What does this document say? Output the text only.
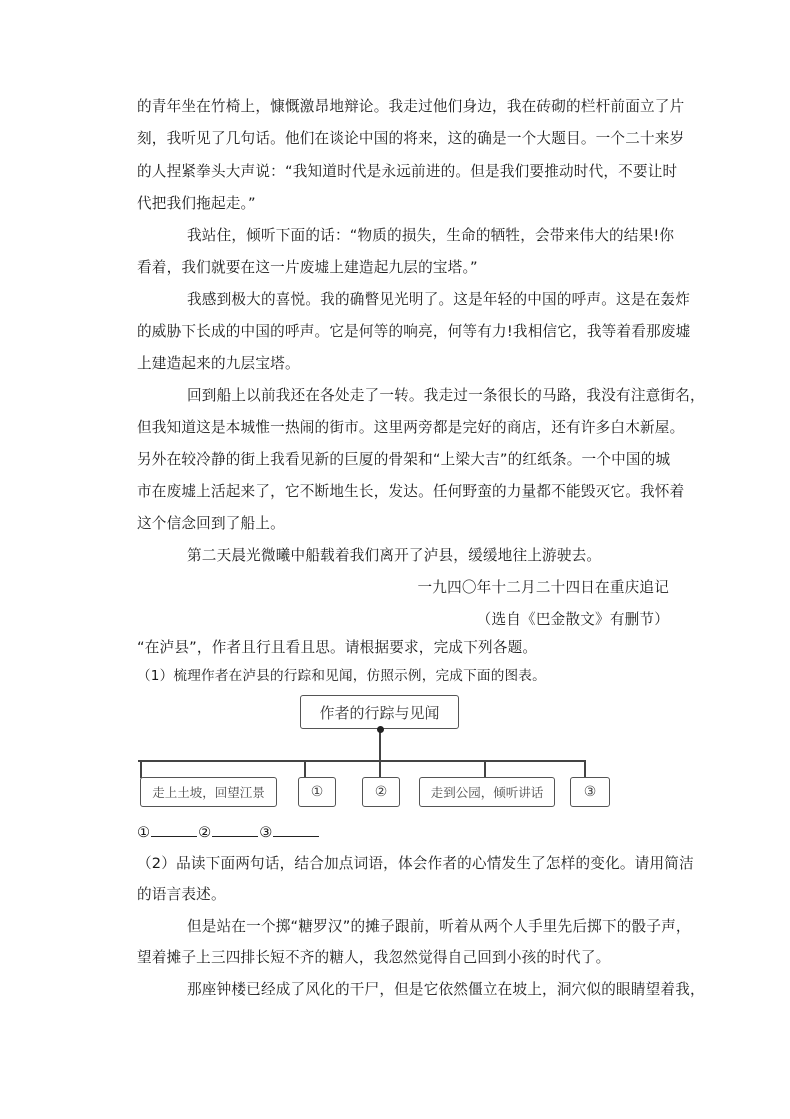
的青年坐在竹椅上，慷慨激昂地辩论。我走过他们身边，我在砖砌的栏杆前面立了片
刻，我听见了几句话。他们在谈论中国的将来，这的确是一个大题目。一个二十来岁
的人捏紧拳头大声说：“我知道时代是永远前进的。但是我们要推动时代，不要让时
代把我们拖起走。”
我站住，倾听下面的话：“物质的损失，生命的牺牲，会带来伟大的结果!你
看着，我们就要在这一片废墟上建造起九层的宝塔。”
我感到极大的喜悦。我的确瞥见光明了。这是年轻的中国的呼声。这是在轰炸
的威胁下长成的中国的呼声。它是何等的响亮，何等有力!我相信它，我等着看那废墟
上建造起来的九层宝塔。
回到船上以前我还在各处走了一转。我走过一条很长的马路，我没有注意街名，
但我知道这是本城惟一热闹的街市。这里两旁都是完好的商店，还有许多白木新屋。
另外在较冷静的街上我看见新的巨厦的骨架和“上梁大吉”的红纸条。一个中国的城
市在废墟上活起来了，它不断地生长，发达。任何野蛮的力量都不能毁灭它。我怀着
这个信念回到了船上。
第二天晨光微曦中船载着我们离开了泸县，缓缓地往上游驶去。
一九四〇年十二月二十四日在重庆追记
（选自《巴金散文》有删节）
“在泸县”，作者且行且看且思。请根据要求，完成下列各题。
（1）梳理作者在泸县的行踪和见闻，仿照示例，完成下面的图表。
作者的行踪与见闻
走上土坡，回望江景	①	②	走到公园，倾听讲话	③
①	②	③
（2）品读下面两句话，结合加点词语，体会作者的心情发生了怎样的变化。请用简洁
的语言表述。
但是站在一个掷“糖罗汉”的摊子跟前，听着从两个人手里先后掷下的骰子声，
望着摊子上三四排长短不齐的糖人，我忽然觉得自己回到小孩的时代了。
那座钟楼已经成了风化的干尸，但是它依然僵立在坡上，洞穴似的眼睛望着我，
